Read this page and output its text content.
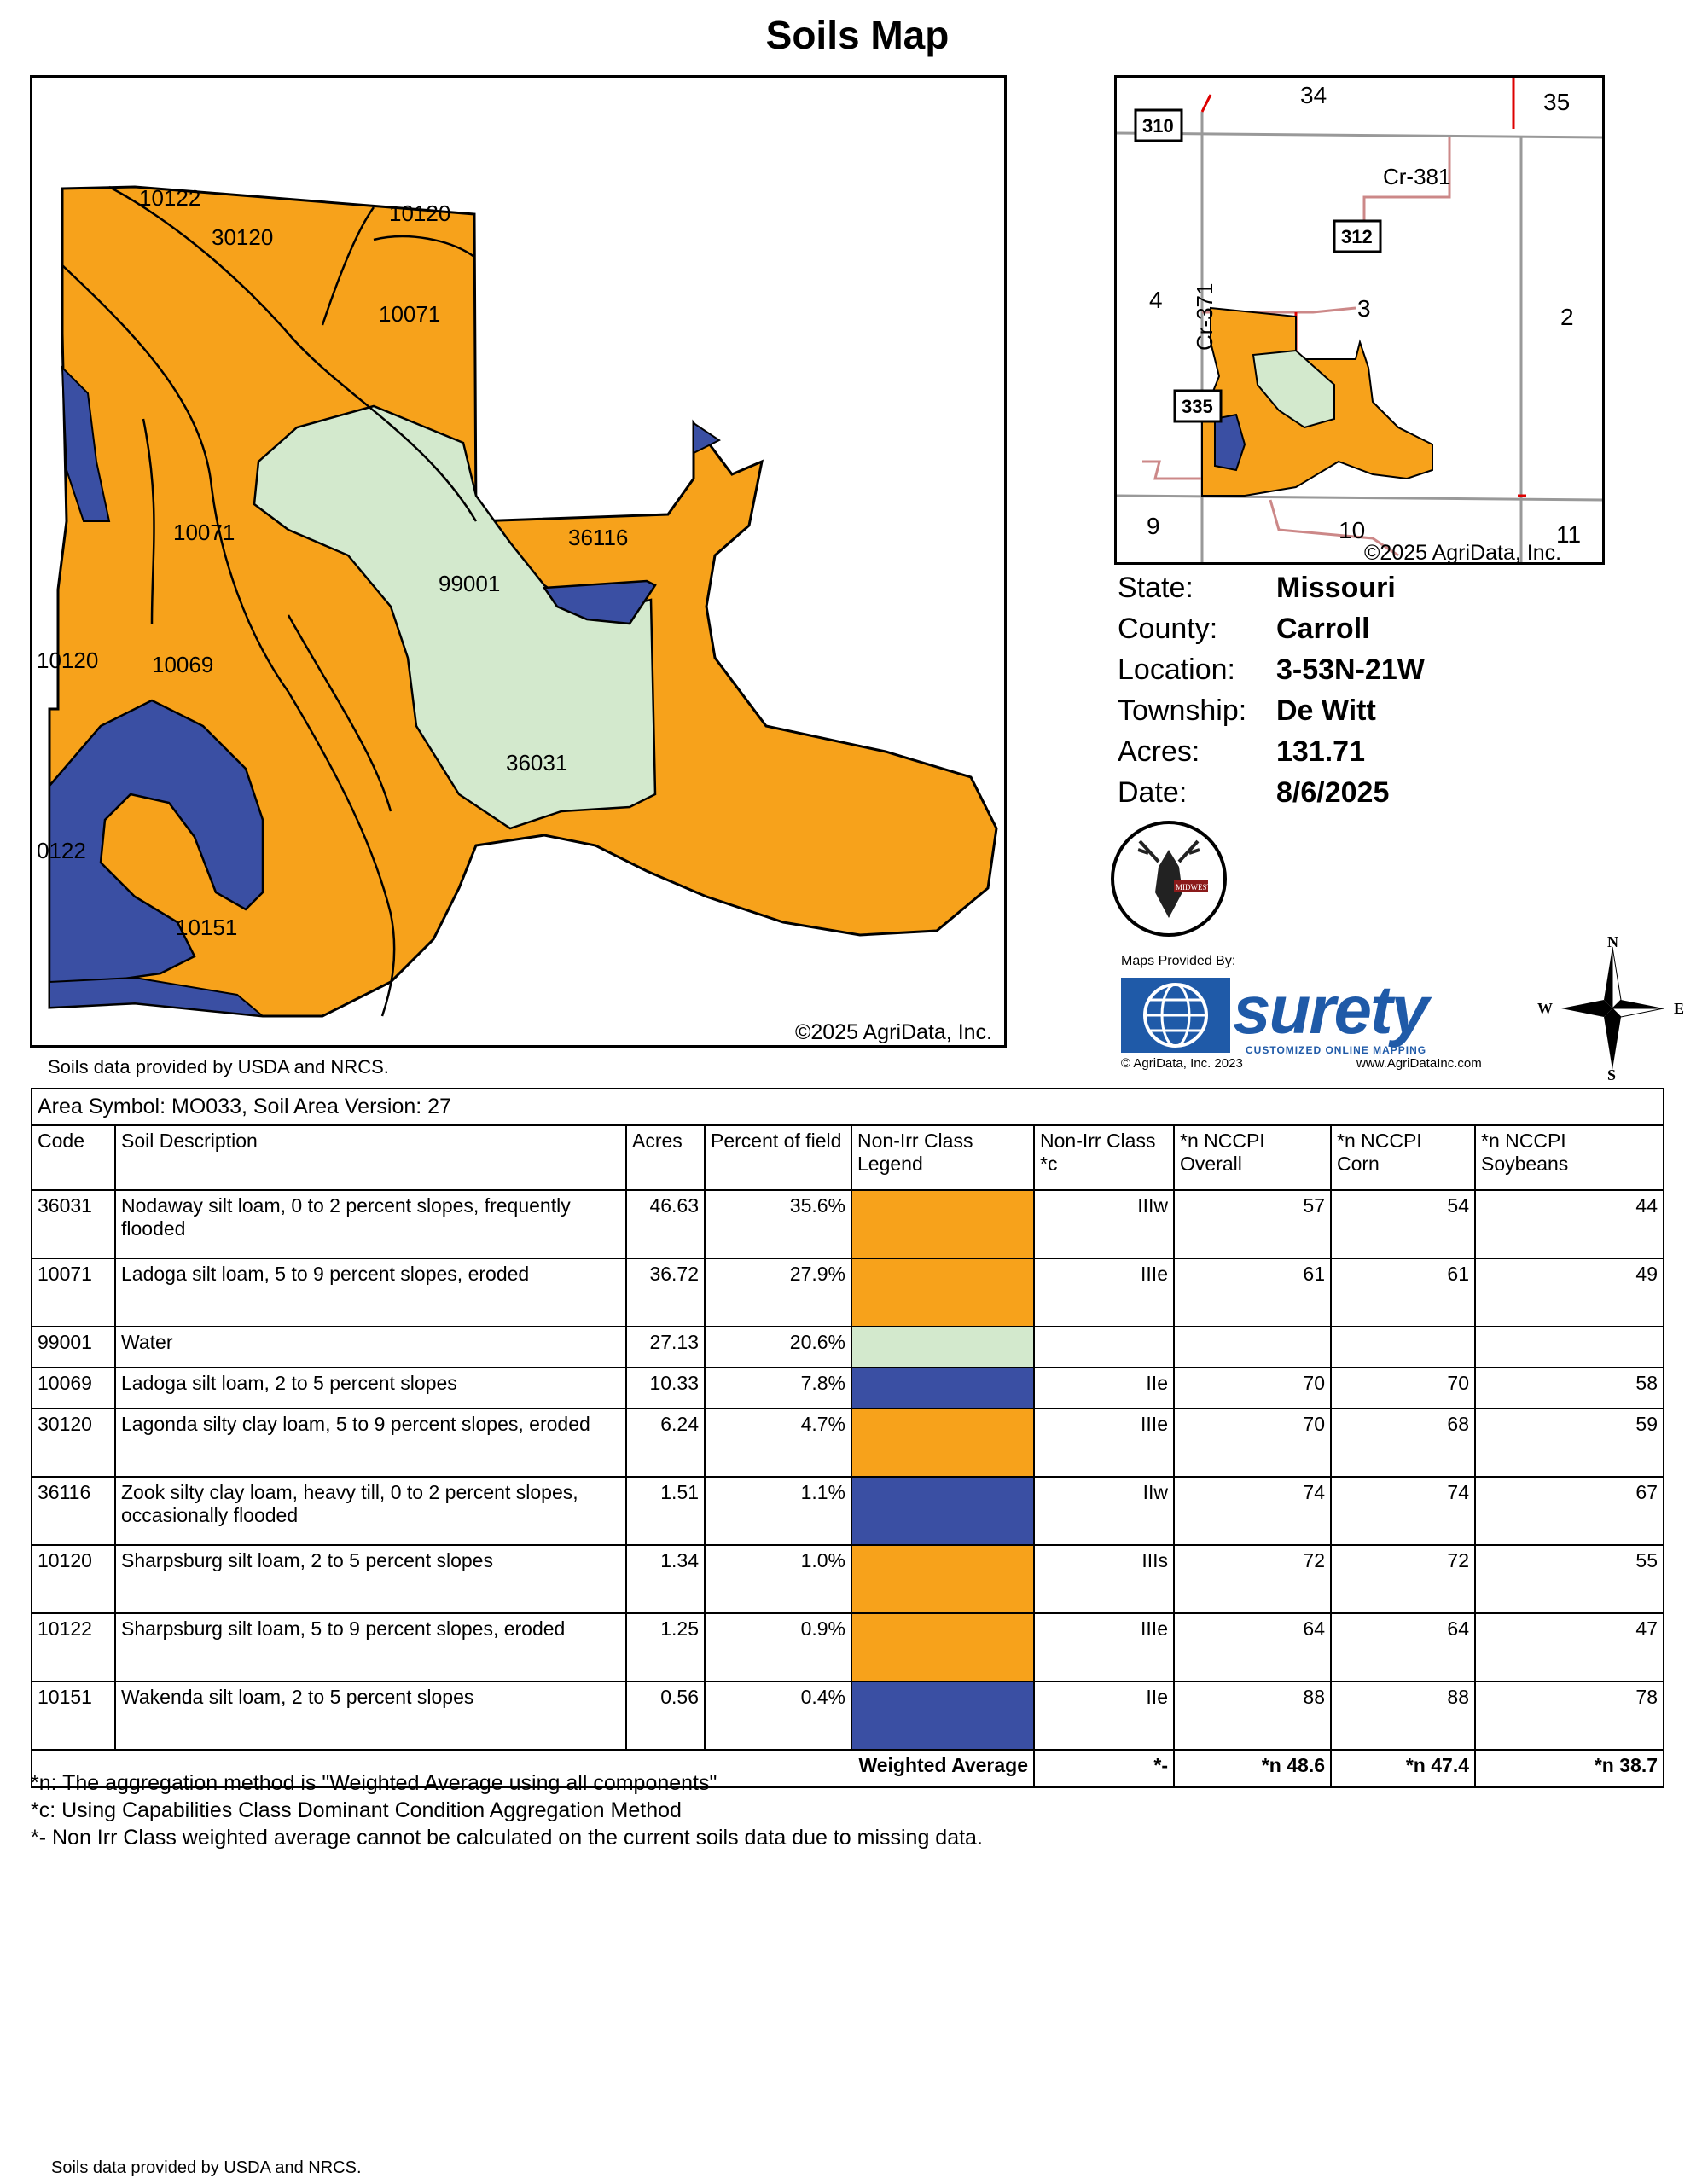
Soils Map
10122
30120
10120
10071
10071
99001
36116
10120 10069
36031
0122
10151
©2025 AgriData, Inc.
Soils data provided by USDA and NRCS.
34	35
4	3	2
9	10	11
310
312
335
Cr-381
Cr-371
©2025 AgriData, Inc.
State:	Missouri
County:	Carroll
Location:	3-53N-21W
Township:	De Witt
Acres:	131.71
Date:	8/6/2025
MIDWEST
Maps Provided By:
surety
CUSTOMIZED ONLINE MAPPING
© AgriData, Inc. 2023	www.AgriDataInc.com
N
S
W	E
Area Symbol: MO033, Soil Area Version: 27								
Code	Soil Description	Acres	Percent of field	Non-Irr Class Legend	Non-Irr Class *c	*n NCCPI Overall	*n NCCPI Corn	*n NCCPI Soybeans
36031	Nodaway silt loam, 0 to 2 percent slopes, frequently flooded	46.63	35.6%		IIIw	57	54	44
10071	Ladoga silt loam, 5 to 9 percent slopes, eroded	36.72	27.9%		IIIe	61	61	49
99001	Water	27.13	20.6%					
10069	Ladoga silt loam, 2 to 5 percent slopes	10.33	7.8%		IIe	70	70	58
30120	Lagonda silty clay loam, 5 to 9 percent slopes, eroded	6.24	4.7%		IIIe	70	68	59
36116	Zook silty clay loam, heavy till, 0 to 2 percent slopes, occasionally flooded	1.51	1.1%		IIw	74	74	67
10120	Sharpsburg silt loam, 2 to 5 percent slopes	1.34	1.0%		IIIs	72	72	55
10122	Sharpsburg silt loam, 5 to 9 percent slopes, eroded	1.25	0.9%		IIIe	64	64	47
10151	Wakenda silt loam, 2 to 5 percent slopes	0.56	0.4%		IIe	88	88	78
Weighted Average					*-	*n 48.6	*n 47.4	*n 38.7
*n: The aggregation method is "Weighted Average using all components"
*c: Using Capabilities Class Dominant Condition Aggregation Method
*- Non Irr Class weighted average cannot be calculated on the current soils data due to missing data.
Soils data provided by USDA and NRCS.
